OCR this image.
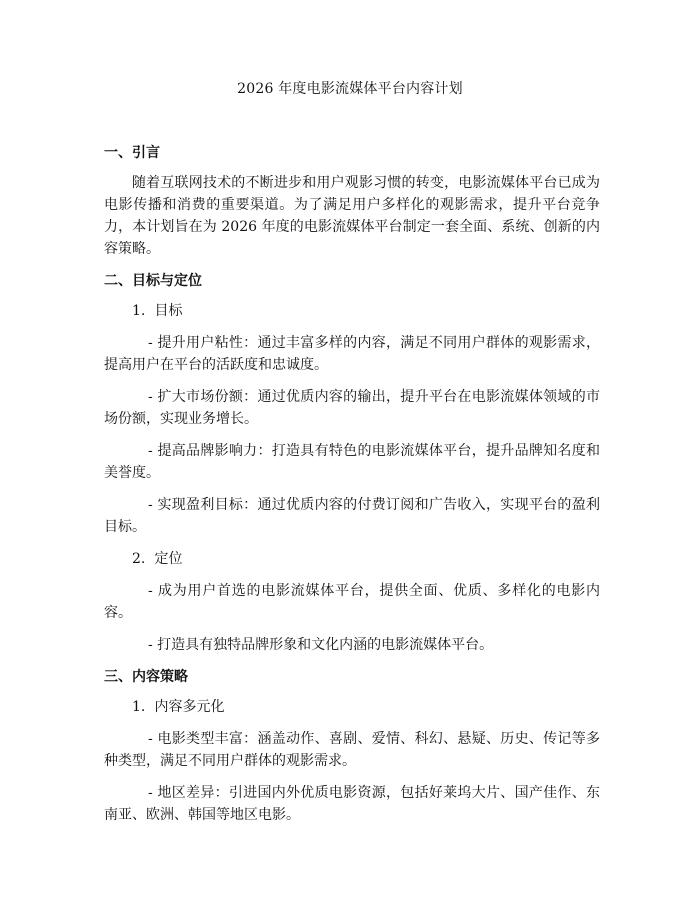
2026 年度电影流媒体平台内容计划
一、引言

随着互联网技术的不断进步和用户观影习惯的转变，电影流媒体平台已成为电影传播和消费的重要渠道。为了满足用户多样化的观影需求，提升平台竞争力，本计划旨在为 2026 年度的电影流媒体平台制定一套全面、系统、创新的内容策略。

二、目标与定位
1. 目标

- 提升用户粘性：通过丰富多样的内容，满足不同用户群体的观影需求，提高用户在平台的活跃度和忠诚度。

- 扩大市场份额：通过优质内容的输出，提升平台在电影流媒体领域的市场份额，实现业务增长。

- 提高品牌影响力：打造具有特色的电影流媒体平台，提升品牌知名度和美誉度。

- 实现盈利目标：通过优质内容的付费订阅和广告收入，实现平台的盈利目标。

2. 定位

- 成为用户首选的电影流媒体平台，提供全面、优质、多样化的电影内容。

- 打造具有独特品牌形象和文化内涵的电影流媒体平台。

三、内容策略
1. 内容多元化

- 电影类型丰富：涵盖动作、喜剧、爱情、科幻、悬疑、历史、传记等多种类型，满足不同用户群体的观影需求。

- 地区差异：引进国内外优质电影资源，包括好莱坞大片、国产佳作、东南亚、欧洲、韩国等地区电影。
